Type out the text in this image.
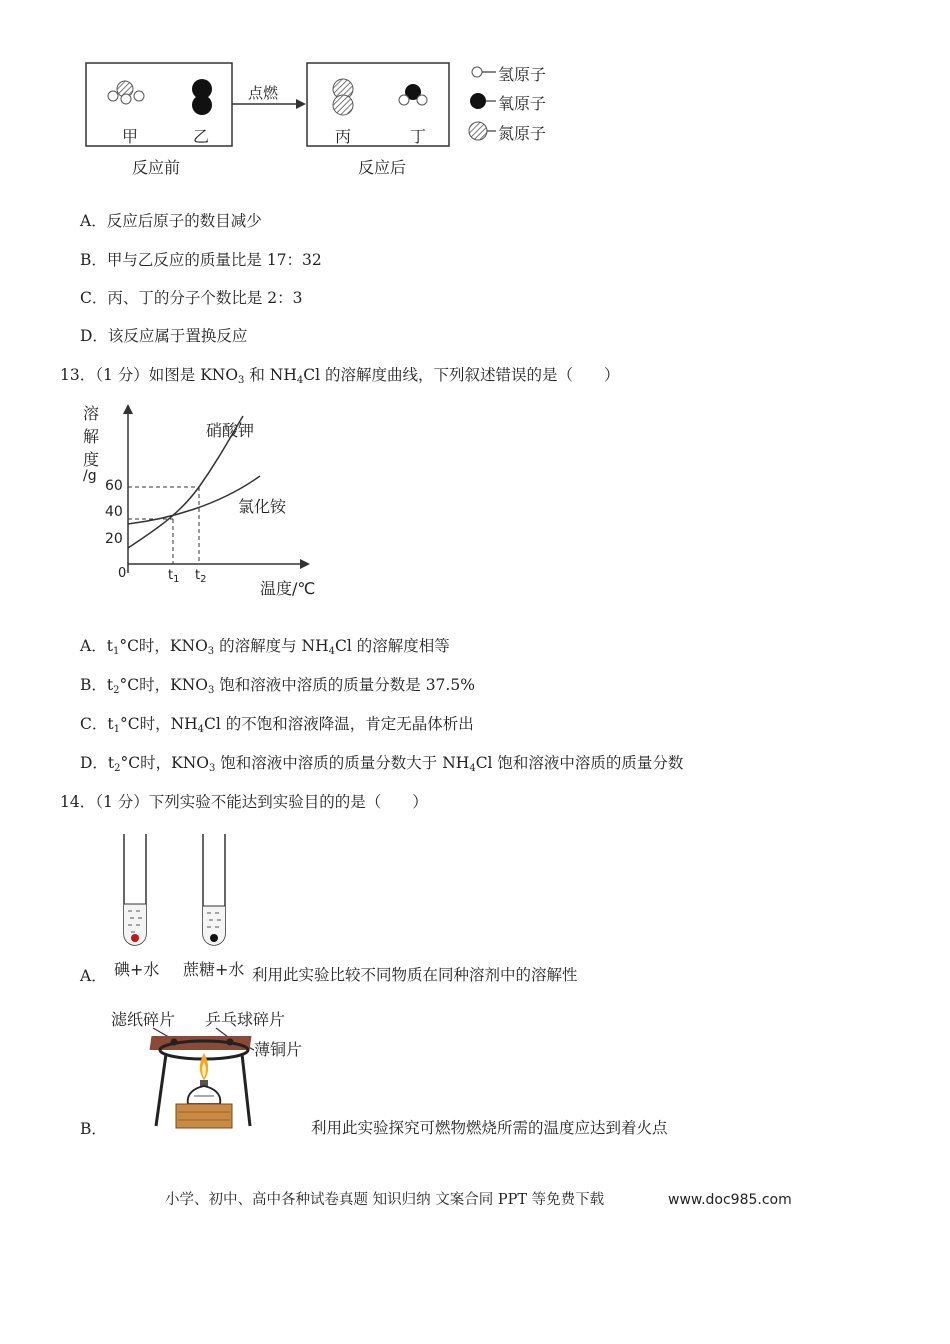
甲	乙	丙	丁
点燃
反应前	反应后
氢原子
氧原子
氮原子
A．反应后原子的数目减少
B．甲与乙反应的质量比是 17：32
C．丙、丁的分子个数比是 2：3
D．该反应属于置换反应
13．（1 分）如图是 $KNO_3$ 和 $NH_4Cl$ 的溶解度曲线，下列叙述错误的是（　　）
溶
解
度
/g
60
40
20
0	$t_1$ $t_2$	温度/℃
硝酸钾
氯化铵
A．$t_1^\circ C$时，$KNO_3$ 的溶解度与 $NH_4Cl$ 的溶解度相等
B．$t_2^\circ C$时，$KNO_3$ 饱和溶液中溶质的质量分数是 37.5%
C．$t_1^\circ C$时，$NH_4Cl$ 的不饱和溶液降温，肯定无晶体析出
D．$t_2^\circ C$时，$KNO_3$ 饱和溶液中溶质的质量分数大于 $NH_4Cl$ 饱和溶液中溶质的质量分数
14．（1 分）下列实验不能达到实验目的的是（　　）
碘+水 蔗糖+水
A．	利用此实验比较不同物质在同种溶剂中的溶解性
滤纸碎片 乒乓球碎片
薄铜片
B．	利用此实验探究可燃物燃烧所需的温度应达到着火点
小学、初中、高中各种试卷真题 知识归纳 文案合同 PPT 等免费下载	www.doc985.com
